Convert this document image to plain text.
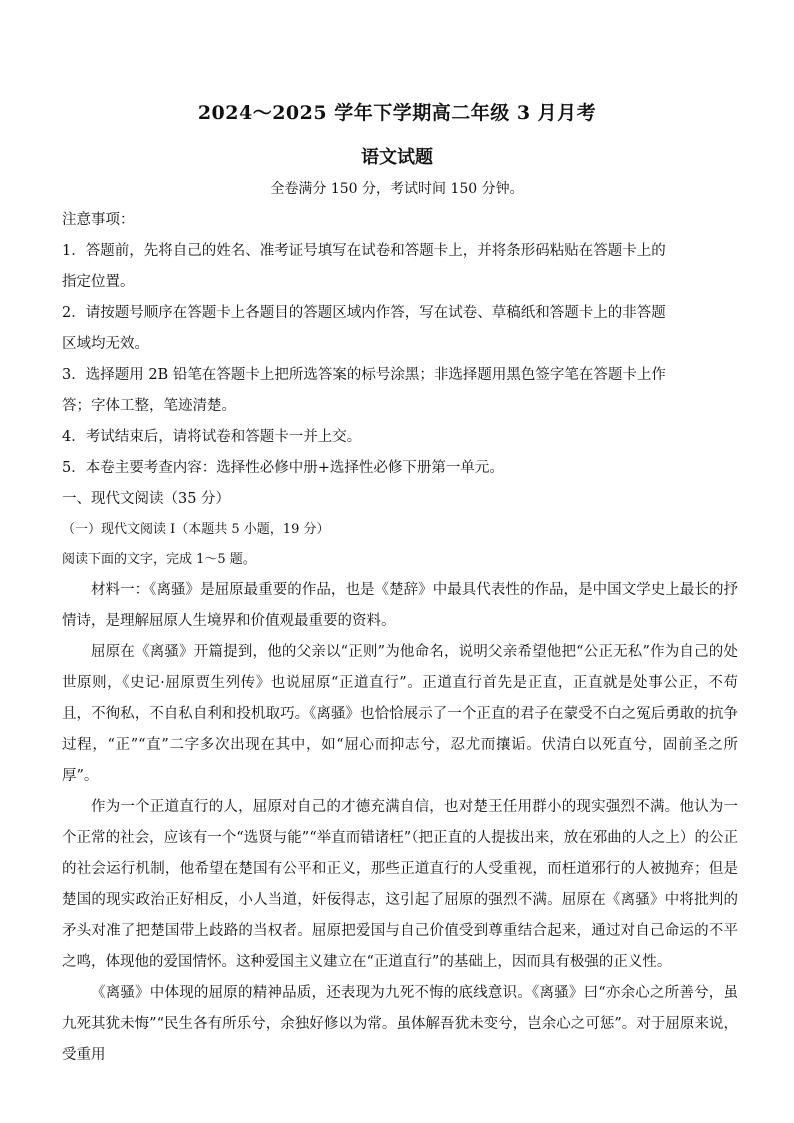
2024～2025 学年下学期高二年级 3 月月考
语文试题
全卷满分 150 分，考试时间 150 分钟。
注意事项：
1．答题前，先将自己的姓名、准考证号填写在试卷和答题卡上，并将条形码粘贴在答题卡上的
指定位置。
2．请按题号顺序在答题卡上各题目的答题区域内作答，写在试卷、草稿纸和答题卡上的非答题
区域均无效。
3．选择题用 2B 铅笔在答题卡上把所选答案的标号涂黑；非选择题用黑色签字笔在答题卡上作
答；字体工整，笔迹清楚。
4．考试结束后，请将试卷和答题卡一并上交。
5．本卷主要考查内容：选择性必修中册+选择性必修下册第一单元。
一、现代文阅读（35 分）
（一）现代文阅读 I（本题共 5 小题，19 分）
阅读下面的文字，完成 1～5 题。

材料一：《离骚》是屈原最重要的作品，也是《楚辞》中最具代表性的作品，是中国文学史上最长的抒情诗，是理解屈原人生境界和价值观最重要的资料。

屈原在《离骚》开篇提到，他的父亲以“正则”为他命名，说明父亲希望他把“公正无私”作为自己的处世原则，《史记·屈原贾生列传》也说屈原“正道直行”。正道直行首先是正直，正直就是处事公正，不苟且，不徇私，不自私自利和投机取巧。《离骚》也恰恰展示了一个正直的君子在蒙受不白之冤后勇敢的抗争过程，“正”“直”二字多次出现在其中，如“屈心而抑志兮，忍尤而攘诟。伏清白以死直兮，固前圣之所厚”。

作为一个正道直行的人，屈原对自己的才德充满自信，也对楚王任用群小的现实强烈不满。他认为一个正常的社会，应该有一个“选贤与能”“举直而错诸枉”（把正直的人提拔出来，放在邪曲的人之上）的公正的社会运行机制，他希望在楚国有公平和正义，那些正道直行的人受重视，而枉道邪行的人被抛弃；但是楚国的现实政治正好相反，小人当道，奸佞得志，这引起了屈原的强烈不满。屈原在《离骚》中将批判的矛头对准了把楚国带上歧路的当权者。屈原把爱国与自己价值受到尊重结合起来，通过对自己命运的不平之鸣，体现他的爱国情怀。这种爱国主义建立在“正道直行”的基础上，因而具有极强的正义性。

《离骚》中体现的屈原的精神品质，还表现为九死不悔的底线意识。《离骚》曰“亦余心之所善兮，虽九死其犹未悔”“民生各有所乐兮，余独好修以为常。虽体解吾犹未变兮，岂余心之可惩”。对于屈原来说，受重用
